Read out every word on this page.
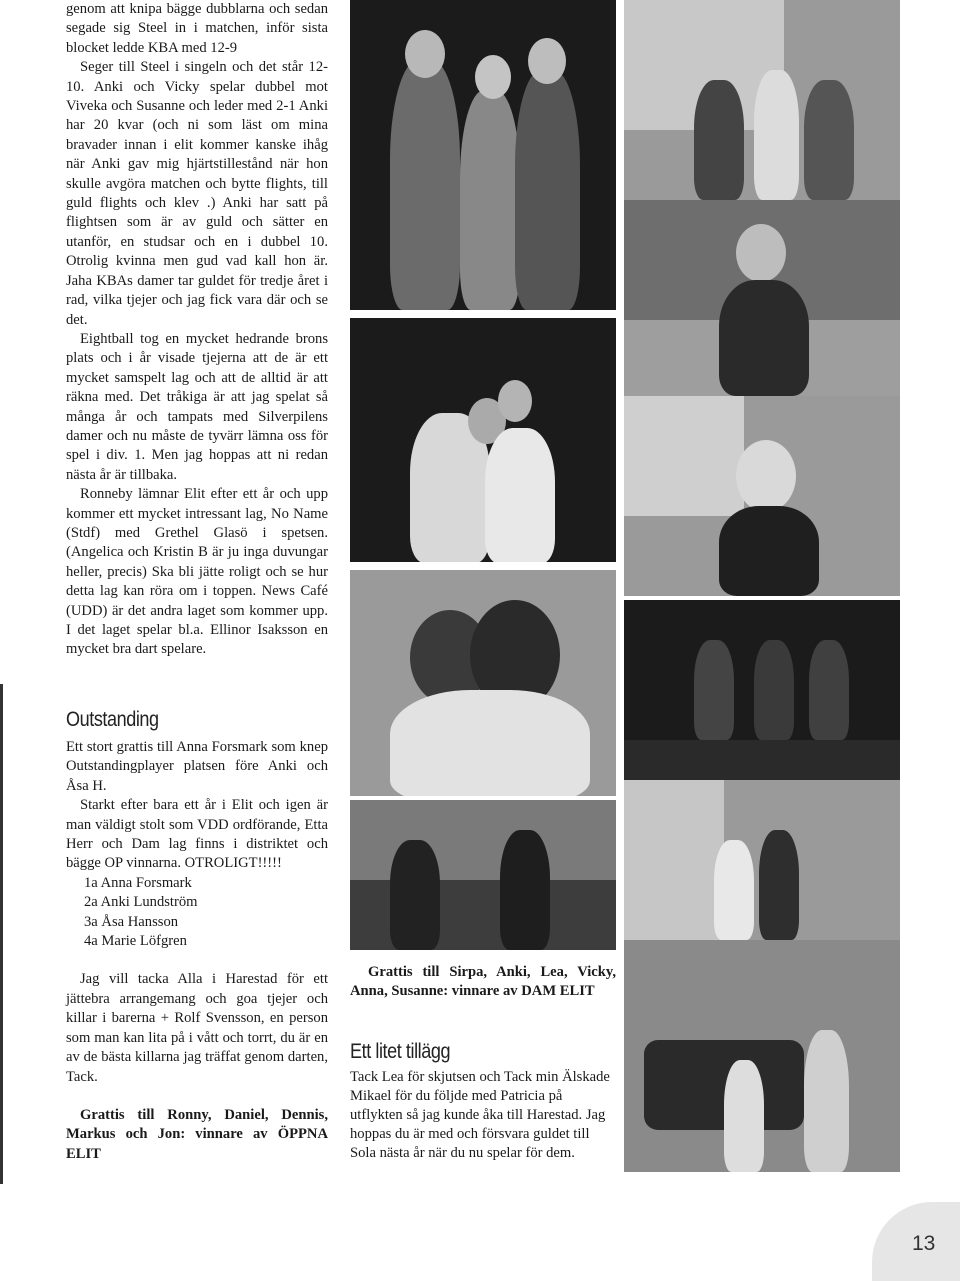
genom att knipa bägge dubblarna och sedan segade sig Steel in i matchen, inför sista blocket ledde KBA med 12-9

Seger till Steel i singeln och det står 12-10. Anki och Vicky spelar dubbel mot Viveka och Susanne och leder med 2-1 Anki har 20 kvar (och ni som läst om mina bravader innan i elit kommer kanske ihåg när Anki gav mig hjärtstillestånd när hon skulle avgöra matchen och bytte flights, till guld flights och klev .) Anki har satt på flightsen som är av guld och sätter en utanför, en studsar och en i dubbel 10. Otrolig kvinna men gud vad kall hon är. Jaha KBAs damer tar guldet för tredje året i rad, vilka tjejer och jag fick vara där och se det.

Eightball tog en mycket hedrande brons plats och i år visade tjejerna att de är ett mycket samspelt lag och att de alltid är att räkna med. Det tråkiga är att jag spelat så många år och tampats med Silverpilens damer och nu måste de tyvärr lämna oss för spel i div. 1. Men jag hoppas att ni redan nästa år är tillbaka.

Ronneby lämnar Elit efter ett år och upp kommer ett mycket intressant lag, No Name (Stdf) med Grethel Glasö i spetsen. (Angelica och Kristin B är ju inga duvungar heller, precis) Ska bli jätte roligt och se hur detta lag kan röra om i toppen. News Café (UDD) är det andra laget som kommer upp. I det laget spelar bl.a. Ellinor Isaksson en mycket bra dart spelare.

Outstanding

Ett stort grattis till Anna Forsmark som knep Outstandingplayer platsen före Anki och Åsa H.

Starkt efter bara ett år i Elit och igen är man väldigt stolt som VDD ordförande, Etta Herr och Dam lag finns i distriktet och bägge OP vinnarna. OTROLIGT!!!!!

1a Anna Forsmark
2a Anki Lundström
3a Åsa Hansson
4a Marie Löfgren

Jag vill tacka Alla i Harestad för ett jättebra arrangemang och goa tjejer och killar i barerna + Rolf Svensson, en person som man kan lita på i vått och torrt, du är en av de bästa killarna jag träffat genom darten, Tack.

Grattis till Ronny, Daniel, Dennis, Markus och Jon: vinnare av ÖPPNA ELIT

Grattis till Sirpa, Anki, Lea, Vicky, Anna, Susanne: vinnare av DAM ELIT

Ett litet tillägg

Tack Lea för skjutsen och Tack min Älskade Mikael för du följde med Patricia på utflykten så jag kunde åka till Harestad. Jag hoppas du är med och försvara guldet till Sola nästa år när du nu spelar för dem.

13
